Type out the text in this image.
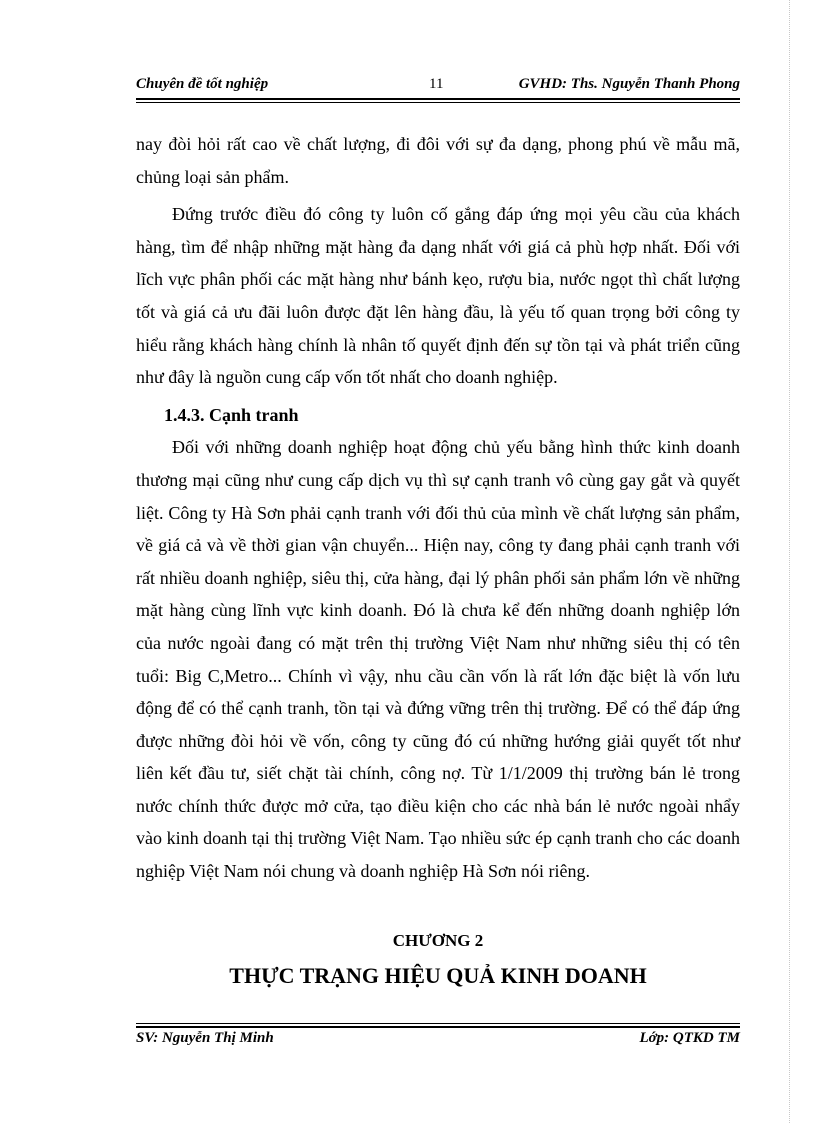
Chuyên đề tốt nghiệp	11	GVHD: Ths. Nguyễn Thanh Phong

nay đòi hỏi rất cao về chất lượng, đi đôi với sự đa dạng, phong phú về mẫu mã, chủng loại sản phẩm.

Đứng trước điều đó công ty luôn cố gắng đáp ứng mọi yêu cầu của khách hàng, tìm để nhập những mặt hàng đa dạng nhất với giá cả phù hợp nhất. Đối với lĩch vực phân phối các mặt hàng như bánh kẹo, rượu bia, nước ngọt thì chất lượng tốt và giá cả ưu đãi luôn được đặt lên hàng đầu, là yếu tố quan trọng bởi công ty hiểu rằng khách hàng chính là nhân tố quyết định đến sự tồn tại và phát triển cũng như đây là nguồn cung cấp vốn tốt nhất cho doanh nghiệp.

1.4.3. Cạnh tranh

Đối với những doanh nghiệp hoạt động chủ yếu bằng hình thức kinh doanh thương mại cũng như cung cấp dịch vụ thì sự cạnh tranh vô cùng gay gắt và quyết liệt. Công ty Hà Sơn phải cạnh tranh với đối thủ của mình về chất lượng sản phẩm, về giá cả và về thời gian vận chuyển... Hiện nay, công ty đang phải cạnh tranh với rất nhiều doanh nghiệp, siêu thị, cửa hàng, đại lý phân phối sản phẩm lớn về những mặt hàng cùng lĩnh vực kinh doanh. Đó là chưa kể đến những doanh nghiệp lớn của nước ngoài đang có mặt trên thị trường Việt Nam như những siêu thị có tên tuổi: Big C,Metro... Chính vì vậy, nhu cầu cần vốn là rất lớn đặc biệt là vốn lưu động để có thể cạnh tranh, tồn tại và đứng vững trên thị trường. Để có thể đáp ứng được những đòi hỏi về vốn, công ty cũng đó cú những hướng giải quyết tốt như liên kết đầu tư, siết chặt tài chính, công nợ. Từ 1/1/2009 thị trường bán lẻ trong nước chính thức được mở cửa, tạo điều kiện cho các nhà bán lẻ nước ngoài nhẩy vào kinh doanh tại thị trường Việt Nam. Tạo nhiều sức ép cạnh tranh cho các doanh nghiệp Việt Nam nói chung và doanh nghiệp Hà Sơn nói riêng.

CHƯƠNG 2
THỰC TRẠNG HIỆU QUẢ KINH DOANH
SV: Nguyễn Thị Minh	Lớp: QTKD TM
